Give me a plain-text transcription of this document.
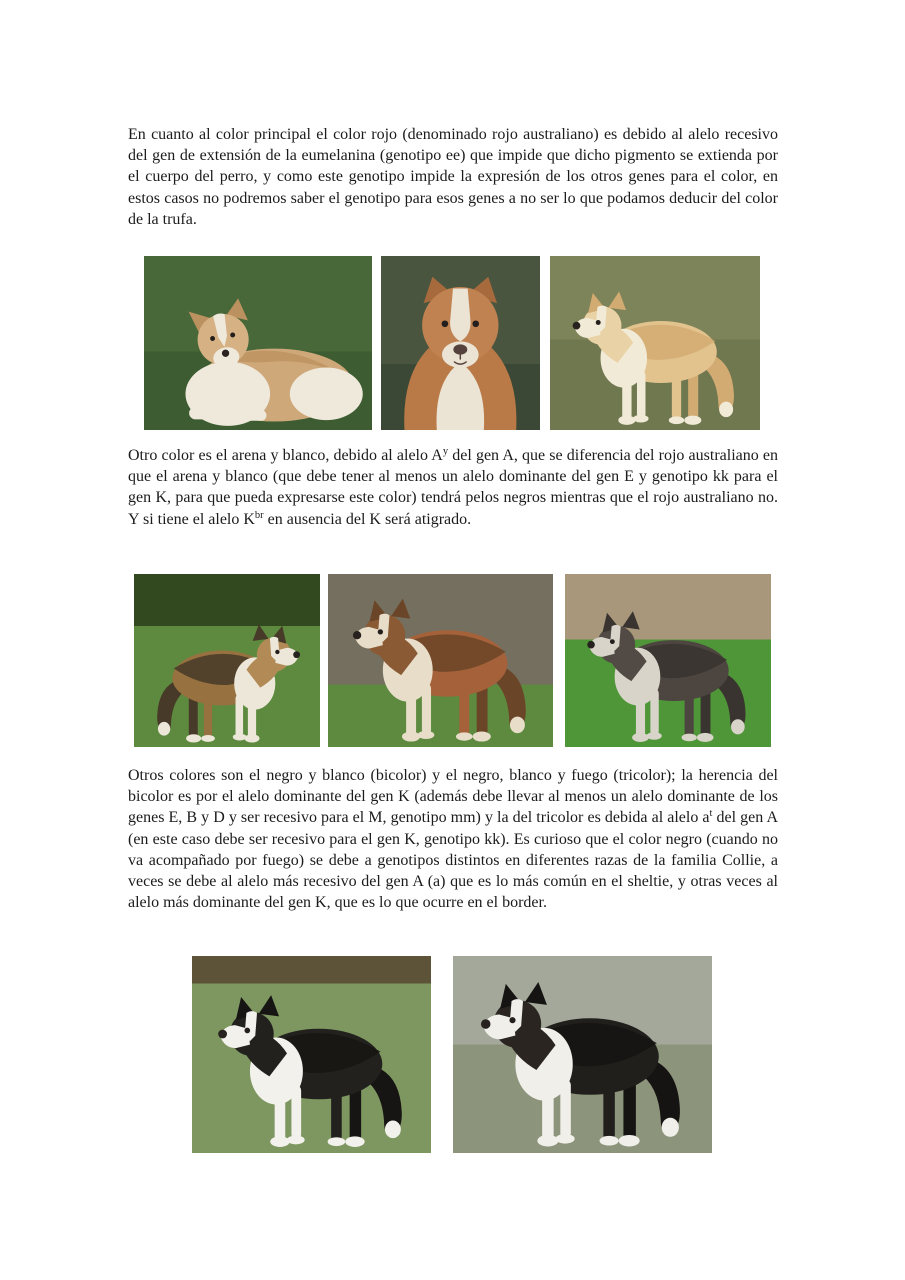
En cuanto al color principal el color rojo (denominado rojo australiano) es debido al alelo recesivo del gen de extensión de la eumelanina (genotipo ee) que impide que dicho pigmento se extienda por el cuerpo del perro, y como este genotipo impide la expresión de los otros genes para el color, en estos casos no podremos saber el genotipo para esos genes a no ser lo que podamos deducir del color de la trufa.
Otro color es el arena y blanco, debido al alelo $A^y$ del gen A, que se diferencia del rojo australiano en que el arena y blanco (que debe tener al menos un alelo dominante del gen E y genotipo kk para el gen K, para que pueda expresarse este color) tendrá pelos negros mientras que el rojo australiano no. Y si tiene el alelo $K^{br}$ en ausencia del K será atigrado.
Otros colores son el negro y blanco (bicolor) y el negro, blanco y fuego (tricolor); la herencia del bicolor es por el alelo dominante del gen K (además debe llevar al menos un alelo dominante de los genes E, B y D y ser recesivo para el M, genotipo mm) y la del tricolor es debida al alelo $a^t$ del gen A (en este caso debe ser recesivo para el gen K, genotipo kk). Es curioso que el color negro (cuando no va acompañado por fuego) se debe a genotipos distintos en diferentes razas de la familia Collie, a veces se debe al alelo más recesivo del gen A (a) que es lo más común en el sheltie, y otras veces al alelo más dominante del gen K, que es lo que ocurre en el border.
